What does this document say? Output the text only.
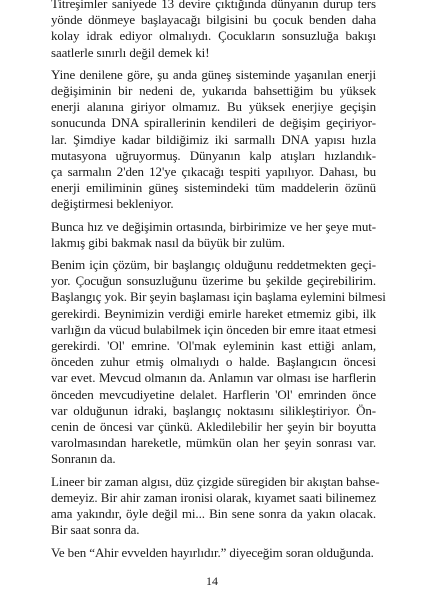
Titreşimler saniyede 13 devire çıktığında dünyanın durup ters
yönde dönmeye başlayacağı bilgisini bu çocuk benden daha
kolay idrak ediyor olmalıydı. Çocukların sonsuzluğa bakışı
saatlerle sınırlı değil demek ki!

Yine denilene göre, şu anda güneş sisteminde yaşanılan enerji
değişiminin bir nedeni de, yukarıda bahsettiğim bu yüksek
enerji alanına giriyor olmamız. Bu yüksek enerjiye geçişin
sonucunda DNA spirallerinin kendileri de değişim geçiriyor-
lar. Şimdiye kadar bildiğimiz iki sarmallı DNA yapısı hızla
mutasyona uğruyormuş. Dünyanın kalp atışları hızlandık-
ça sarmalın 2'den 12'ye çıkacağı tespiti yapılıyor. Dahası, bu
enerji emiliminin güneş sistemindeki tüm maddelerin özünü
değiştirmesi bekleniyor.

Bunca hız ve değişimin ortasında, birbirimize ve her şeye mut-
lakmış gibi bakmak nasıl da büyük bir zulüm.

Benim için çözüm, bir başlangıç olduğunu reddetmekten geçi-
yor. Çocuğun sonsuzluğunu üzerime bu şekilde geçirebilirim.
Başlangıç yok. Bir şeyin başlaması için başlama eylemini bilmesi
gerekirdi. Beynimizin verdiği emirle hareket etmemiz gibi, ilk
varlığın da vücud bulabilmek için önceden bir emre itaat etmesi
gerekirdi. 'Ol' emrine. 'Ol'mak eyleminin kast ettiği anlam,
önceden zuhur etmiş olmalıydı o halde. Başlangıcın öncesi
var evet. Mevcud olmanın da. Anlamın var olması ise harflerin
önceden mevcudiyetine delalet. Harflerin 'Ol' emrinden önce
var olduğunun idraki, başlangıç noktasını silikleştiriyor. Ön-
cenin de öncesi var çünkü. Akledilebilir her şeyin bir boyutta
varolmasından hareketle, mümkün olan her şeyin sonrası var.
Sonranın da.

Lineer bir zaman algısı, düz çizgide süregiden bir akıştan bahse-
demeyiz. Bir ahir zaman ironisi olarak, kıyamet saati bilinemez
ama yakındır, öyle değil mi... Bin sene sonra da yakın olacak.
Bir saat sonra da.

Ve ben “Ahir evvelden hayırlıdır.” diyeceğim soran olduğunda.

14
